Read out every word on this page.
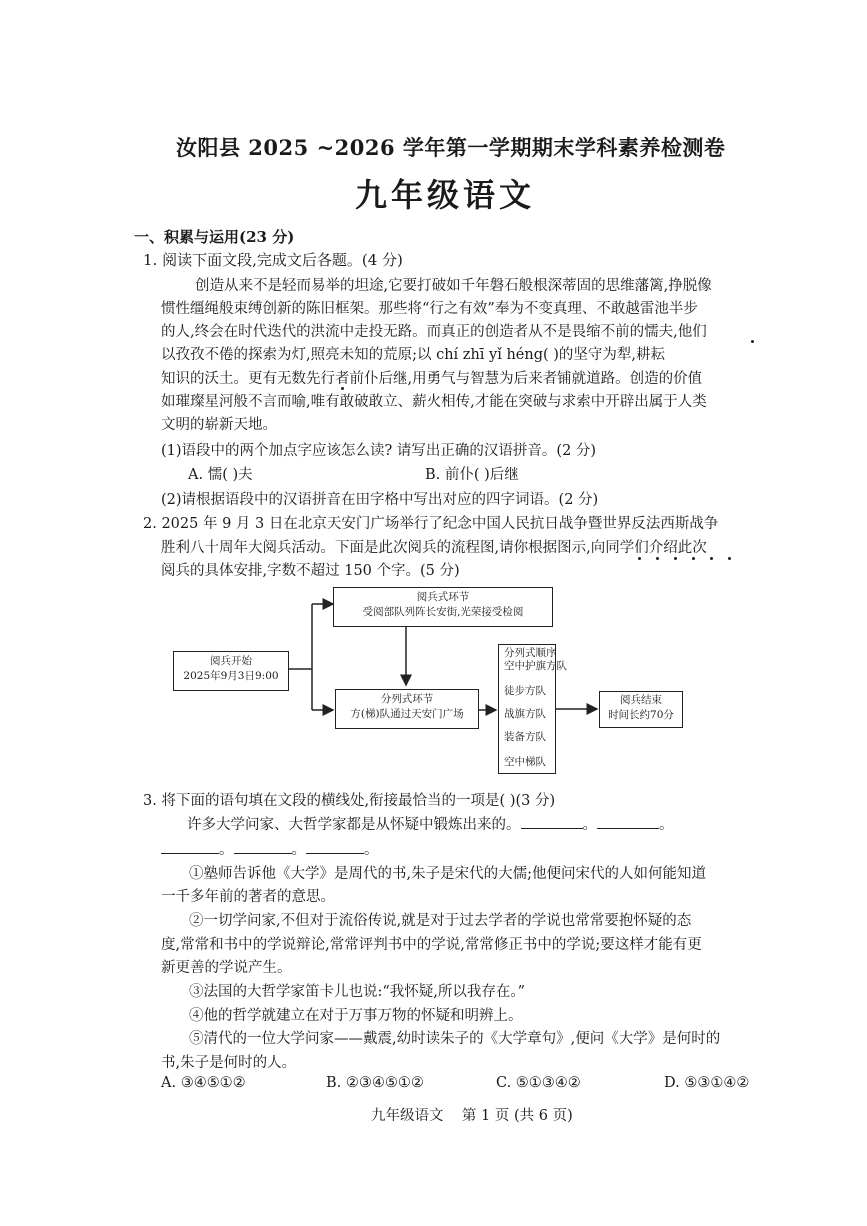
汝阳县 2025 ~2026 学年第一学期期末学科素养检测卷
九年级语文
一、积累与运用(23 分)
1. 阅读下面文段,完成文后各题。(4 分)
创造从来不是轻而易举的坦途,它要打破如千年磐石般根深蒂固的思维藩篱,挣脱像
惯性缰绳般束缚创新的陈旧框架。那些将“行之有效”奉为不变真理、不敢越雷池半步
的人,终会在时代迭代的洪流中走投无路。而真正的创造者从不是畏缩不前的懦夫,他们
以孜孜不倦的探索为灯,照亮未知的荒原;以 chí zhī yǐ héng( )的坚守为犁,耕耘
知识的沃土。更有无数先行者前仆后继,用勇气与智慧为后来者铺就道路。创造的价值
如璀璨星河般不言而喻,唯有敢破敢立、薪火相传,才能在突破与求索中开辟出属于人类
文明的崭新天地。
(1)语段中的两个加点字应该怎么读? 请写出正确的汉语拼音。(2 分)
A. 懦( )夫	B. 前仆( )后继
(2)请根据语段中的汉语拼音在田字格中写出对应的四字词语。(2 分)
2. 2025 年 9 月 3 日在北京天安门广场举行了纪念中国人民抗日战争暨世界反法西斯战争
胜利八十周年大阅兵活动。下面是此次阅兵的流程图,请你根据图示,向同学们介绍此次
阅兵的具体安排,字数不超过 150 个字。(5 分)
阅兵开始
2025年9月3日9:00
阅兵式环节
受阅部队列阵长安街,光荣接受检阅
分列式环节
方(梯)队通过天安门广场
分列式顺序
空中护旗方队
徒步方队
战旗方队
装备方队
空中梯队
阅兵结束
时间长约70分
3. 将下面的语句填在文段的横线处,衔接最恰当的一项是( )(3 分)
许多大学问家、大哲学家都是从怀疑中锻炼出来的。	。	。
。	。	。
①塾师告诉他《大学》是周代的书,朱子是宋代的大儒;他便问宋代的人如何能知道
一千多年前的著者的意思。
②一切学问家,不但对于流俗传说,就是对于过去学者的学说也常常要抱怀疑的态
度,常常和书中的学说辩论,常常评判书中的学说,常常修正书中的学说;要这样才能有更
新更善的学说产生。
③法国的大哲学家笛卡儿也说:“我怀疑,所以我存在。”
④他的哲学就建立在对于万事万物的怀疑和明辨上。
⑤清代的一位大学问家——戴震,幼时读朱子的《大学章句》,便问《大学》是何时的
书,朱子是何时的人。
A. ③④⑤①②	B. ②③④⑤①②	C. ⑤①③④②	D. ⑤③①④②
九年级语文    第 1 页 (共 6 页)
